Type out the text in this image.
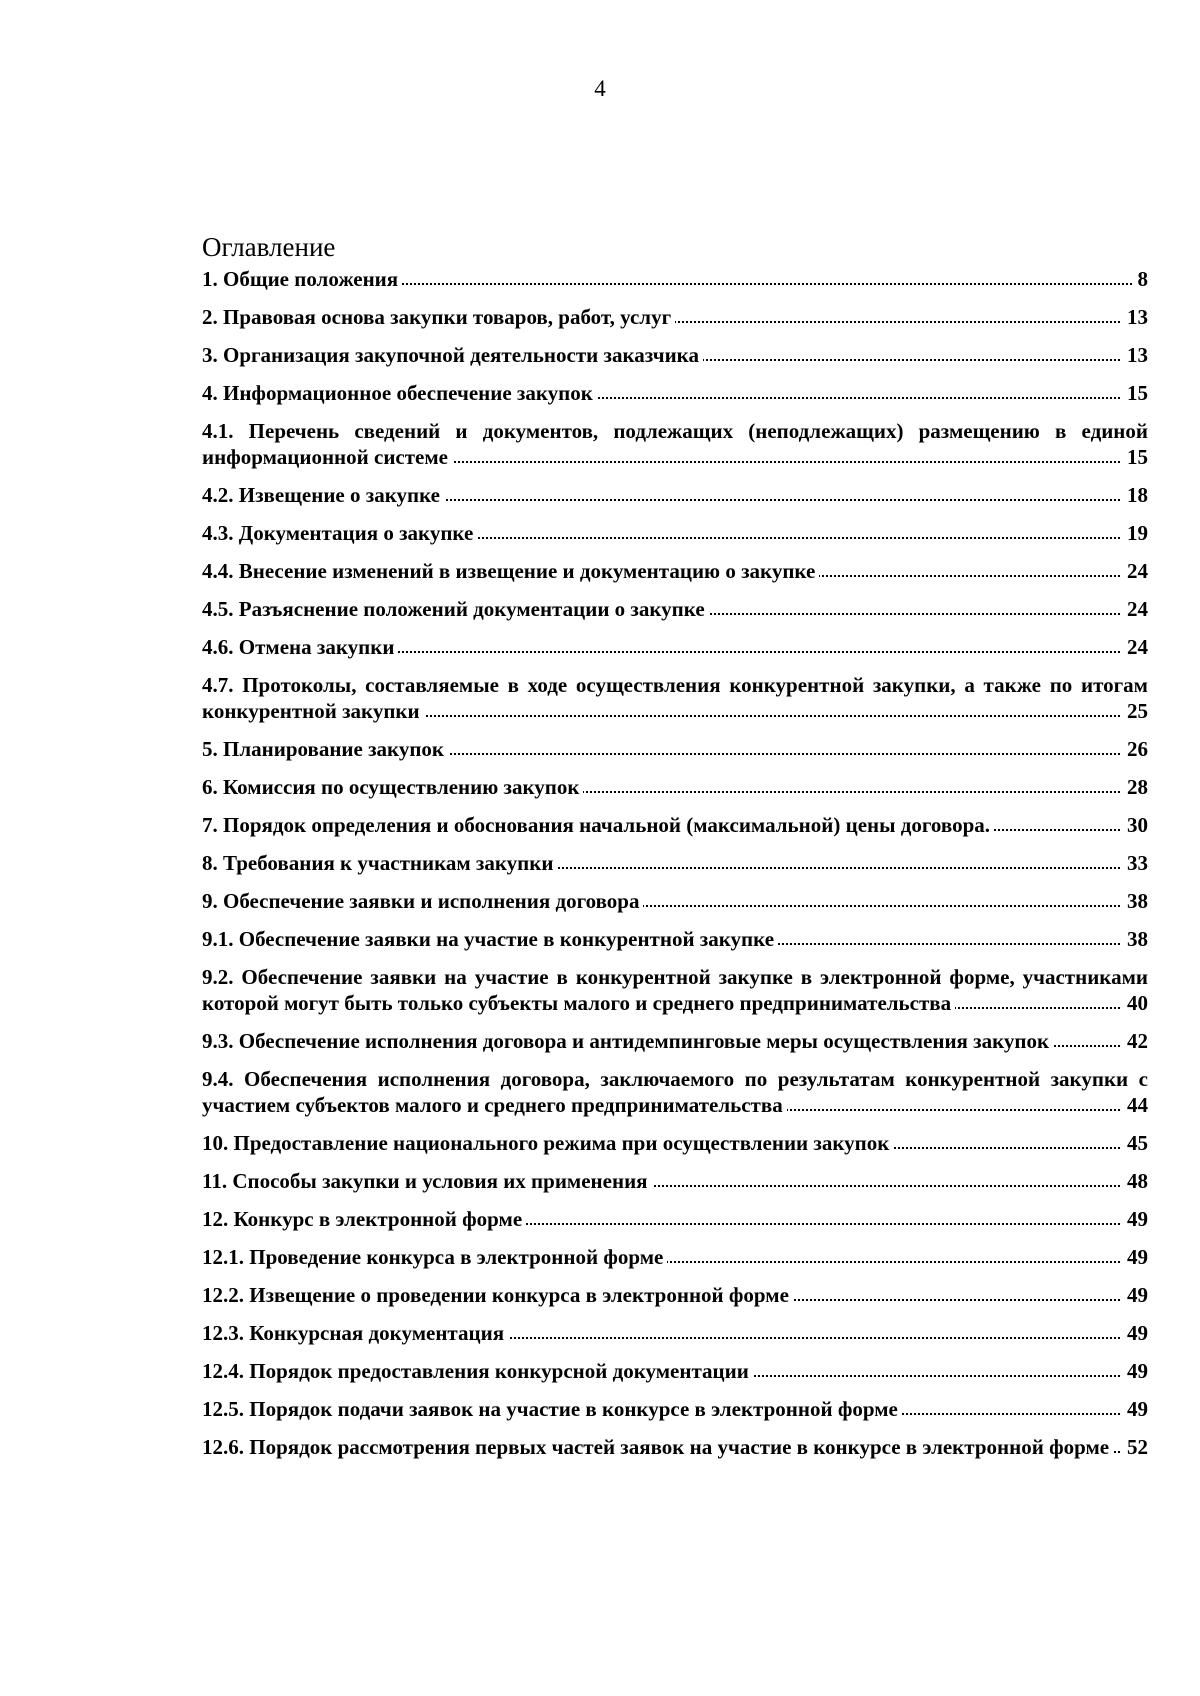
4
Оглавление
1. Общие положения	8
2. Правовая основа закупки товаров, работ, услуг	13
3. Организация закупочной деятельности заказчика	13
4. Информационное обеспечение закупок	15
4.1. Перечень сведений и документов, подлежащих (неподлежащих) размещению в единой информационной системе	15
4.2. Извещение о закупке	18
4.3. Документация о закупке	19
4.4. Внесение изменений в извещение и документацию о закупке	24
4.5. Разъяснение положений документации о закупке	24
4.6. Отмена закупки	24
4.7. Протоколы, составляемые в ходе осуществления конкурентной закупки, а также по итогам конкурентной закупки	25
5. Планирование закупок	26
6. Комиссия по осуществлению закупок	28
7. Порядок определения и обоснования начальной (максимальной) цены договора.	30
8. Требования к участникам закупки	33
9. Обеспечение заявки и исполнения договора	38
9.1. Обеспечение заявки на участие в конкурентной закупке	38
9.2. Обеспечение заявки на участие в конкурентной закупке в электронной форме, участниками которой могут быть только субъекты малого и среднего предпринимательства	40
9.3. Обеспечение исполнения договора и антидемпинговые меры осуществления закупок	42
9.4. Обеспечения исполнения договора, заключаемого по результатам конкурентной закупки с участием субъектов малого и среднего предпринимательства	44
10. Предоставление национального режима при осуществлении закупок	45
11. Способы закупки и условия их применения	48
12. Конкурс в электронной форме	49
12.1. Проведение конкурса в электронной форме	49
12.2. Извещение о проведении конкурса в электронной форме	49
12.3. Конкурсная документация	49
12.4. Порядок предоставления конкурсной документации	49
12.5. Порядок подачи заявок на участие в конкурсе в электронной форме	49
12.6. Порядок рассмотрения первых частей заявок на участие в конкурсе в электронной форме 52
